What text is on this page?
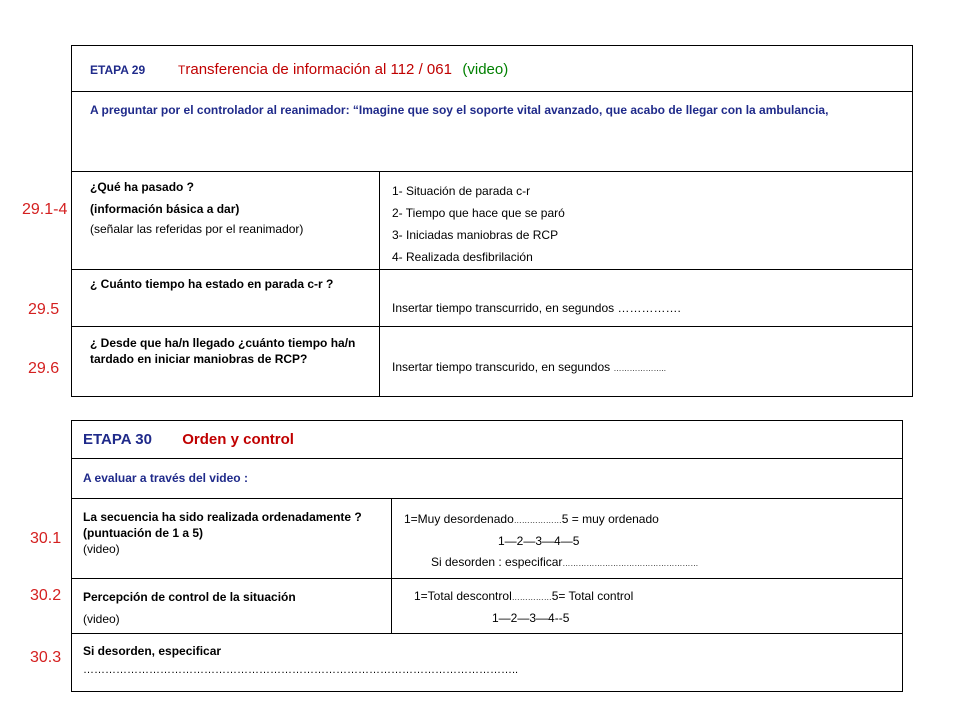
29.1-4
29.5
29.6
30.1
30.2
30.3
ETAPA 29	Transferencia de información al 112 / 061 (video)
A preguntar por el controlador al reanimador: “Imagine que soy el soporte vital avanzado, que acabo de llegar con la ambulancia,

¿Qué ha pasado ?

(información básica a dar)

(señalar las referidas por el reanimador)

1- Situación de parada c-r
2- Tiempo que hace que se paró
3- Iniciadas maniobras de RCP
4- Realizada desfibrilación
¿ Cuánto tiempo ha estado en parada c-r ?
Insertar tiempo transcurrido, en segundos …………….
¿ Desde que ha/n llegado ¿cuánto tiempo ha/n tardado en iniciar maniobras de RCP?
Insertar tiempo transcurido, en segundos ………………..
ETAPA 30 Orden y control
A evaluar a través del video :

La secuencia ha sido realizada ordenadamente ? (puntuación de 1 a 5)

(video)

1=Muy desordenado………………5 = muy ordenado
1—2—3—4—5
Si desorden : especificar……………………………………………

Percepción de control de la situación

(video)

1=Total descontrol……………5= Total control
1—2—3—4--5
Si desorden, especificar
………………………………………………………………………………………………………..
